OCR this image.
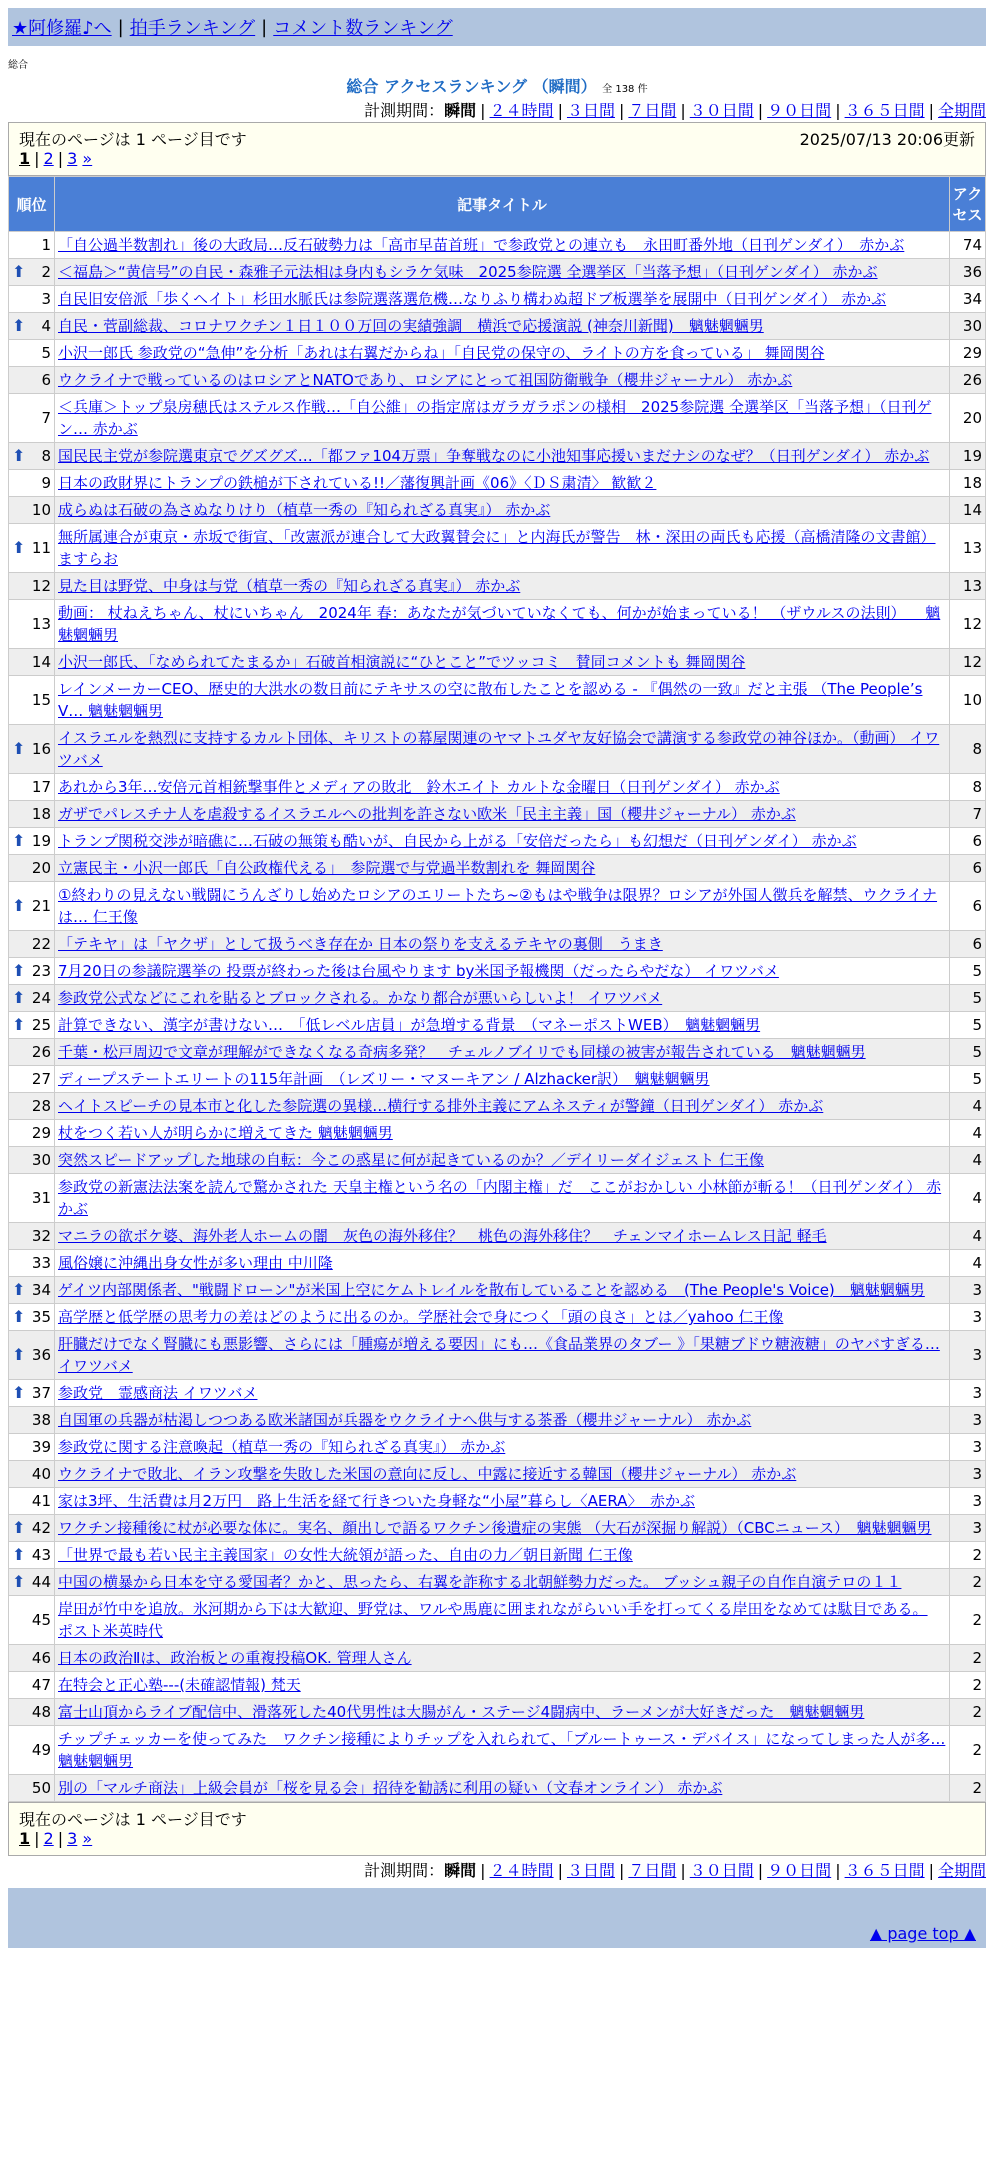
★阿修羅♪へ | 拍手ランキング | コメント数ランキング
総合
総合 アクセスランキング （瞬間） 全 138 件
計測期間：瞬間 | ２４時間 | ３日間 | ７日間 | ３０日間 | ９０日間 | ３６５日間 | 全期間
現在のページは 1 ページ目です	2025/07/13 20:06更新
1 | 2 | 3 »
順位	記事タイトル	アクセス
1	「自公過半数割れ」後の大政局…反石破勢力は「高市早苗首班」で参政党との連立も　永田町番外地（日刊ゲンダイ）　赤かぶ	74

⬆ 2	＜福島＞“黄信号”の自民・森雅子元法相は身内もシラケ気味　2025参院選 全選挙区「当落予想」（日刊ゲンダイ） 赤かぶ	36
3	自民旧安倍派「歩くヘイト」杉田水脈氏は参院選落選危機…なりふり構わぬ超ドブ板選挙を展開中（日刊ゲンダイ） 赤かぶ	34

⬆ 4	自民・菅副総裁、コロナワクチン１日１００万回の実績強調　横浜で応援演説 (神奈川新聞)　魑魅魍魎男	30
5	小沢一郎氏 参政党の“急伸”を分析「あれは右翼だからね」「自民党の保守の、ライトの方を食っている」 舞岡関谷	29
6	ウクライナで戦っているのはロシアとNATOであり、ロシアにとって祖国防衛戦争（櫻井ジャーナル） 赤かぶ	26
7	＜兵庫＞トップ泉房穂氏はステルス作戦…「自公維」の指定席はガラガラポンの様相　2025参院選 全選挙区「当落予想」（日刊ゲン… 赤かぶ	20

⬆ 8	国民民主党が参院選東京でグズグズ…「都ファ104万票」争奪戦なのに小池知事応援いまだナシのなぜ？（日刊ゲンダイ） 赤かぶ	19
9	日本の政財界にトランプの鉄槌が下されている!!／藩復興計画《06》〈ＤＳ粛清〉 歓歓２	18
10	成らぬは石破の為さぬなりけり（植草一秀の『知られざる真実』） 赤かぶ	14

⬆ 11	無所属連合が東京・赤坂で街宣、「改憲派が連合して大政翼賛会に」と内海氏が警告　林・深田の両氏も応援（高橋清隆の文書館） ますらお	13
12	見た目は野党、中身は与党（植草一秀の『知られざる真実』） 赤かぶ	13
13	動画： 杖ねえちゃん、杖にいちゃん　2024年 春：あなたが気づいていなくても、何かが始まっている！ （ザウルスの法則） 　魑魅魍魎男	12
14	小沢一郎氏、「なめられてたまるか」石破首相演説に“ひとこと”でツッコミ　賛同コメントも 舞岡関谷	12
15	レインメーカーCEO、歴史的大洪水の数日前にテキサスの空に散布したことを認める - 『偶然の一致』だと主張 （The People’s V… 魑魅魍魎男	10

⬆ 16	イスラエルを熱烈に支持するカルト団体、キリストの幕屋関連のヤマトユダヤ友好協会で講演する参政党の神谷ほか。（動画） イワツバメ	8
17	あれから3年…安倍元首相銃撃事件とメディアの敗北　鈴木エイト カルトな金曜日（日刊ゲンダイ） 赤かぶ	8
18	ガザでパレスチナ人を虐殺するイスラエルへの批判を許さない欧米「民主主義」国（櫻井ジャーナル） 赤かぶ	7

⬆ 19	トランプ関税交渉が暗礁に…石破の無策も酷いが、自民から上がる「安倍だったら」も幻想だ（日刊ゲンダイ） 赤かぶ	6
20	立憲民主・小沢一郎氏「自公政権代える」　参院選で与党過半数割れを 舞岡関谷	6

⬆ 21	①終わりの見えない戦闘にうんざりし始めたロシアのエリートたち~②もはや戦争は限界？ロシアが外国人徴兵を解禁、ウクライナは… 仁王像	6
22	「テキヤ」は「ヤクザ」として扱うべき存在か 日本の祭りを支えるテキヤの裏側　うまき	6

⬆ 23	7月20日の参議院選挙の 投票が終わった後は台風やります by米国予報機関（だったらやだな） イワツバメ	5

⬆ 24	参政党公式などにこれを貼るとブロックされる。かなり都合が悪いらしいよ！ イワツバメ	5

⬆ 25	計算できない、漢字が書けない…　「低レベル店員」が急増する背景　（マネーポストWEB）　魑魅魍魎男	5
26	千葉・松戸周辺で文章が理解ができなくなる奇病多発？　チェルノブイリでも同様の被害が報告されている　魑魅魍魎男	5
27	ディープステートエリートの115年計画　（レズリー・マヌーキアン / Alzhacker訳）　魑魅魍魎男	5
28	ヘイトスピーチの見本市と化した参院選の異様…横行する排外主義にアムネスティが警鐘（日刊ゲンダイ） 赤かぶ	4
29	杖をつく若い人が明らかに増えてきた 魑魅魍魎男	4
30	突然スピードアップした地球の自転：今この惑星に何が起きているのか？／デイリーダイジェスト 仁王像	4
31	参政党の新憲法法案を読んで驚かされた 天皇主権という名の「内閣主権」だ　ここがおかしい 小林節が斬る！（日刊ゲンダイ） 赤かぶ	4
32	マニラの欲ボケ婆、海外老人ホームの闇　灰色の海外移住？　桃色の海外移住？　チェンマイホームレス日記 軽毛	4
33	風俗嬢に沖縄出身女性が多い理由 中川隆	4

⬆ 34	ゲイツ内部関係者、"戦闘ドローン"が米国上空にケムトレイルを散布していることを認める　(The People's Voice)　魑魅魍魎男	3

⬆ 35	高学歴と低学歴の思考力の差はどのように出るのか。学歴社会で身につく「頭の良さ」とは／yahoo 仁王像	3

⬆ 36	肝臓だけでなく腎臓にも悪影響、さらには「腫瘍が増える要因」にも…《食品業界のタブー 》「果糖ブドウ糖液糖」のヤバすぎる… イワツバメ	3

⬆ 37	参政党　霊感商法 イワツバメ	3
38	自国軍の兵器が枯渇しつつある欧米諸国が兵器をウクライナへ供与する茶番（櫻井ジャーナル） 赤かぶ	3
39	参政党に関する注意喚起（植草一秀の『知られざる真実』） 赤かぶ	3
40	ウクライナで敗北、イラン攻撃を失敗した米国の意向に反し、中露に接近する韓国（櫻井ジャーナル） 赤かぶ	3
41	家は3坪、生活費は月2万円　路上生活を経て行きついた身軽な“小屋”暮らし〈AERA〉　赤かぶ	3

⬆ 42	ワクチン接種後に杖が必要な体に。実名、顔出しで語るワクチン後遺症の実態 （大石が深掘り解説）（CBCニュース）　魑魅魍魎男	3

⬆ 43	「世界で最も若い民主主義国家」の女性大統領が語った、自由の力／朝日新聞 仁王像	2

⬆ 44	中国の横暴から日本を守る愛国者？かと、思ったら、右翼を詐称する北朝鮮勢力だった。 ブッシュ親子の自作自演テロの１１	2
45	岸田が竹中を追放。氷河期から下は大歓迎、野党は、ワルや馬鹿に囲まれながらいい手を打ってくる岸田をなめては駄目である。 ポスト米英時代	2
46	日本の政治Ⅱは、政治板との重複投稿OK. 管理人さん	2
47	在特会と正心塾---(未確認情報) 梵天	2
48	富士山頂からライブ配信中、滑落死した40代男性は大腸がん・ステージ4闘病中、ラーメンが大好きだった　魑魅魍魎男	2
49	チップチェッカーを使ってみた　ワクチン接種によりチップを入れられて、「ブルートゥース・デバイス」になってしまった人が多… 魑魅魍魎男	2
50	別の「マルチ商法」上級会員が「桜を見る会」招待を勧誘に利用の疑い（文春オンライン） 赤かぶ	2
現在のページは 1 ページ目です
1 | 2 | 3 »
計測期間：瞬間 | ２４時間 | ３日間 | ７日間 | ３０日間 | ９０日間 | ３６５日間 | 全期間
▲ page top ▲
